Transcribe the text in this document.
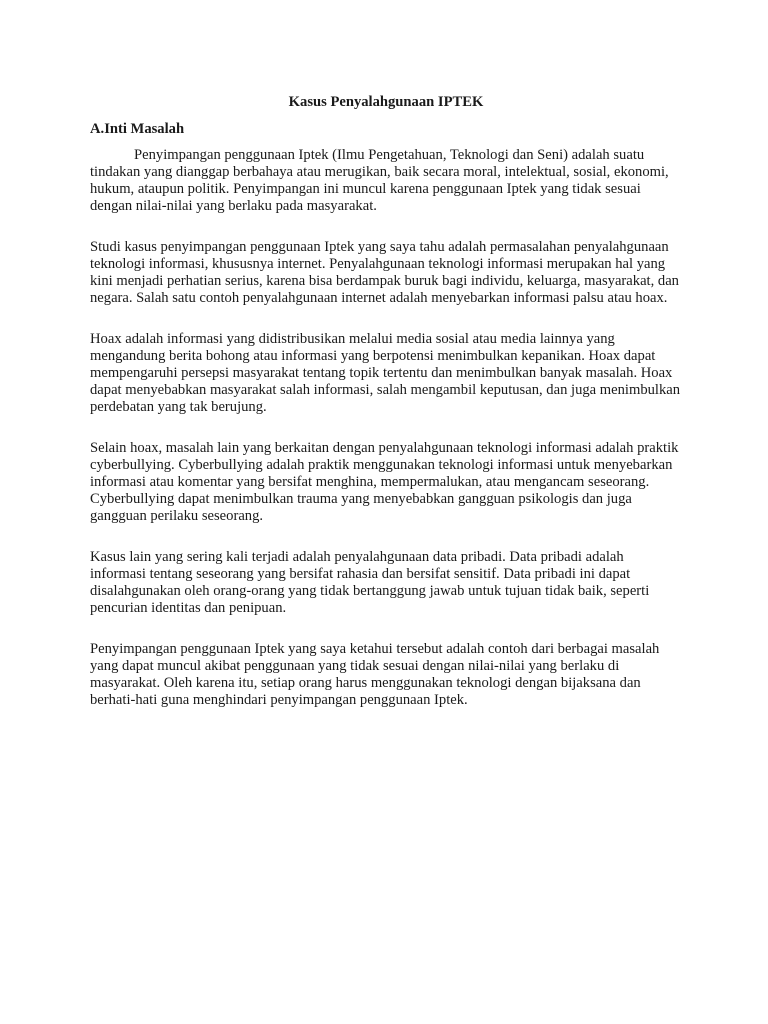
Kasus Penyalahgunaan IPTEK
A.Inti Masalah

Penyimpangan penggunaan Iptek (Ilmu Pengetahuan, Teknologi dan Seni) adalah suatu tindakan yang dianggap berbahaya atau merugikan, baik secara moral, intelektual, sosial, ekonomi, hukum, ataupun politik. Penyimpangan ini muncul karena penggunaan Iptek yang tidak sesuai dengan nilai-nilai yang berlaku pada masyarakat.

Studi kasus penyimpangan penggunaan Iptek yang saya tahu adalah permasalahan penyalahgunaan teknologi informasi, khususnya internet. Penyalahgunaan teknologi informasi merupakan hal yang kini menjadi perhatian serius, karena bisa berdampak buruk bagi individu, keluarga, masyarakat, dan negara. Salah satu contoh penyalahgunaan internet adalah menyebarkan informasi palsu atau hoax.

Hoax adalah informasi yang didistribusikan melalui media sosial atau media lainnya yang mengandung berita bohong atau informasi yang berpotensi menimbulkan kepanikan. Hoax dapat mempengaruhi persepsi masyarakat tentang topik tertentu dan menimbulkan banyak masalah. Hoax dapat menyebabkan masyarakat salah informasi, salah mengambil keputusan, dan juga menimbulkan perdebatan yang tak berujung.

Selain hoax, masalah lain yang berkaitan dengan penyalahgunaan teknologi informasi adalah praktik cyberbullying. Cyberbullying adalah praktik menggunakan teknologi informasi untuk menyebarkan informasi atau komentar yang bersifat menghina, mempermalukan, atau mengancam seseorang. Cyberbullying dapat menimbulkan trauma yang menyebabkan gangguan psikologis dan juga gangguan perilaku seseorang.

Kasus lain yang sering kali terjadi adalah penyalahgunaan data pribadi. Data pribadi adalah informasi tentang seseorang yang bersifat rahasia dan bersifat sensitif. Data pribadi ini dapat disalahgunakan oleh orang-orang yang tidak bertanggung jawab untuk tujuan tidak baik, seperti pencurian identitas dan penipuan.

Penyimpangan penggunaan Iptek yang saya ketahui tersebut adalah contoh dari berbagai masalah yang dapat muncul akibat penggunaan yang tidak sesuai dengan nilai-nilai yang berlaku di masyarakat. Oleh karena itu, setiap orang harus menggunakan teknologi dengan bijaksana dan berhati-hati guna menghindari penyimpangan penggunaan Iptek.
